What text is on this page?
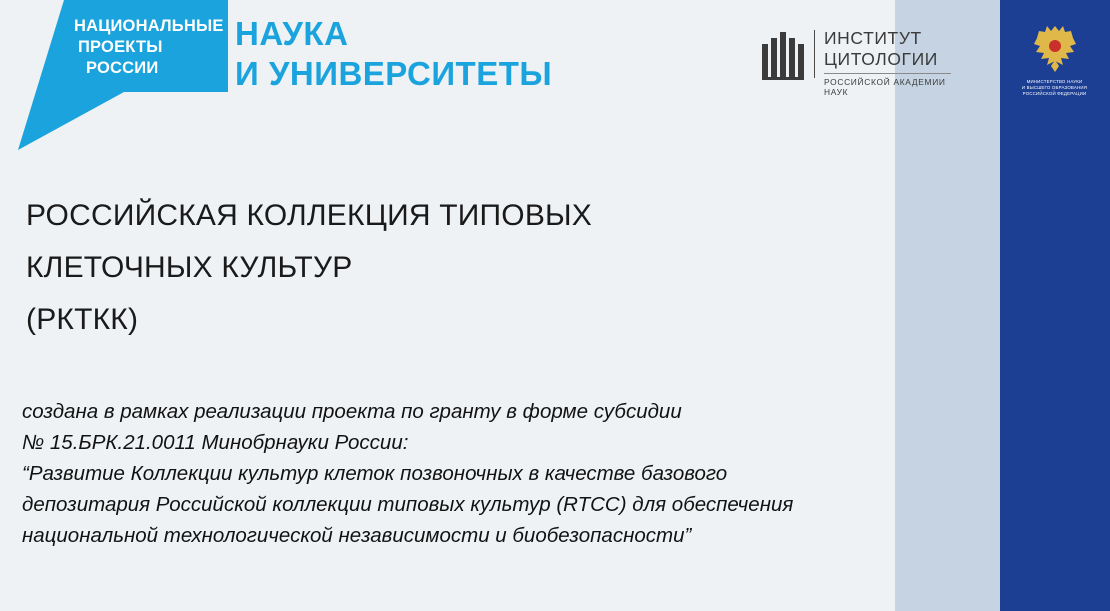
НАЦИОНАЛЬНЫЕ
ПРОЕКТЫ
РОССИИ
НАУКА
И УНИВЕРСИТЕТЫ
ИНСТИТУТ
ЦИТОЛОГИИ
РОССИЙСКОЙ АКАДЕМИИ НАУК
МИНИСТЕРСТВО НАУКИ
И ВЫСШЕГО ОБРАЗОВАНИЯ
РОССИЙСКОЙ ФЕДЕРАЦИИ
РОССИЙСКАЯ КОЛЛЕКЦИЯ ТИПОВЫХ
КЛЕТОЧНЫХ КУЛЬТУР
(РКТКК)
создана в рамках реализации проекта по гранту в форме субсидии
№ 15.БРК.21.0011 Минобрнауки России:
“Развитие Коллекции культур клеток позвоночных в качестве базового
депозитария Российской коллекции типовых культур (RTCC) для обеспечения
национальной технологической независимости и биобезопасности”
